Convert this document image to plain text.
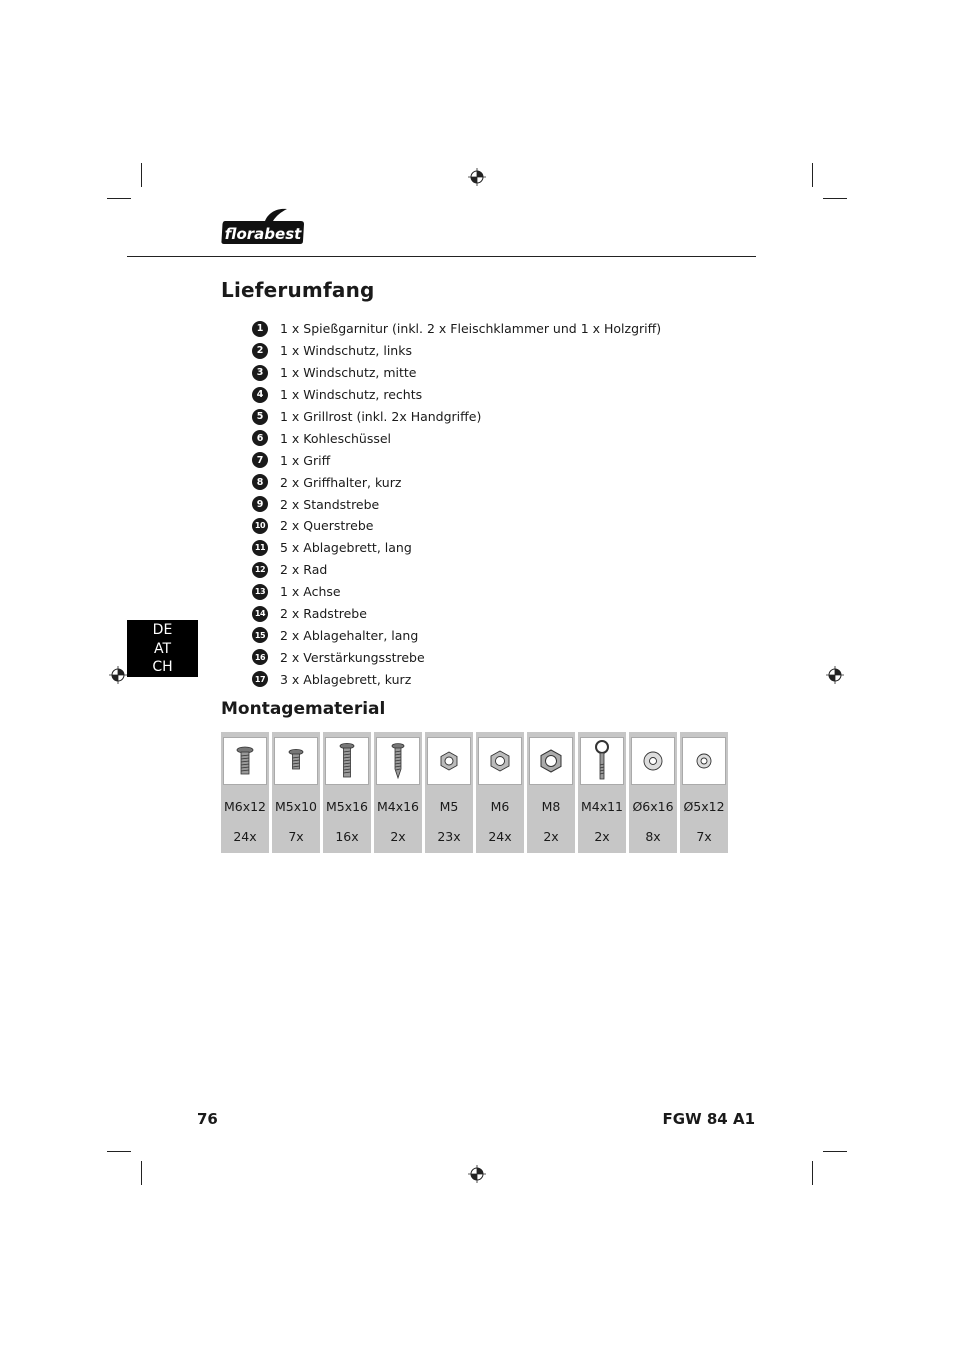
florabest
Lieferumfang
1	1 x Spießgarnitur (inkl. 2 x Fleischklammer und 1 x Holzgriff)
2	1 x Windschutz, links
3	1 x Windschutz, mitte
4	1 x Windschutz, rechts
5	1 x Grillrost (inkl. 2x Handgriffe)
6	1 x Kohleschüssel
7	1 x Griff
8	2 x Griffhalter, kurz
9	2 x Standstrebe
10 2 x Querstrebe
11 5 x Ablagebrett, lang
12 2 x Rad
13 1 x Achse
14 2 x Radstrebe
15 2 x Ablagehalter, lang
16 2 x Verstärkungsstrebe
17 3 x Ablagebrett, kurz
DE
AT
CH
Montagematerial

M6x12	M5x10	M5x16	M4x16	M5	M6	M8	M4x11	Ø6x16	Ø5x12
24x	7x	16x	2x	23x	24x	2x	2x	8x	7x
76	FGW 84 A1
